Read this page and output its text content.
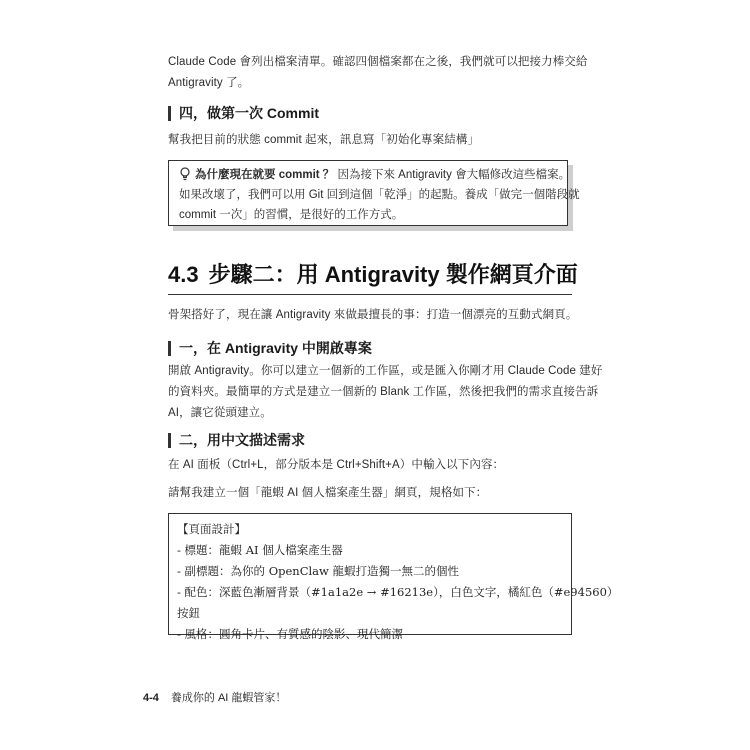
Claude Code 會列出檔案清單。確認四個檔案都在之後，我們就可以把接力棒交給
Antigravity 了。

四，做第一次 Commit

幫我把目前的狀態 commit 起來，訊息寫「初始化專案結構」

為什麼現在就要 commit ？ 因為接下來 Antigravity 會大幅修改這些檔案。
如果改壞了，我們可以用 Git 回到這個「乾淨」的起點。養成「做完一個階段就
commit 一次」的習慣，是很好的工作方式。
4.3 步驟二：用 Antigravity 製作網頁介面

骨架搭好了，現在讓 Antigravity 來做最擅長的事：打造一個漂亮的互動式網頁。

一，在 Antigravity 中開啟專案

開啟 Antigravity。你可以建立一個新的工作區，或是匯入你剛才用 Claude Code 建好
的資料夾。最簡單的方式是建立一個新的 Blank 工作區，然後把我們的需求直接告訴
AI，讓它從頭建立。

二，用中文描述需求

在 AI 面板（Ctrl+L，部分版本是 Ctrl+Shift+A）中輸入以下內容：

請幫我建立一個「龍蝦 AI 個人檔案產生器」網頁，規格如下：

【頁面設計】
- 標題：龍蝦 AI 個人檔案產生器
- 副標題：為你的 OpenClaw 龍蝦打造獨一無二的個性
- 配色：深藍色漸層背景（#1a1a2e → #16213e），白色文字，橘紅色（#e94560）
按鈕
- 風格：圓角卡片、有質感的陰影、現代簡潔
4-4 養成你的 AI 龍蝦管家！
